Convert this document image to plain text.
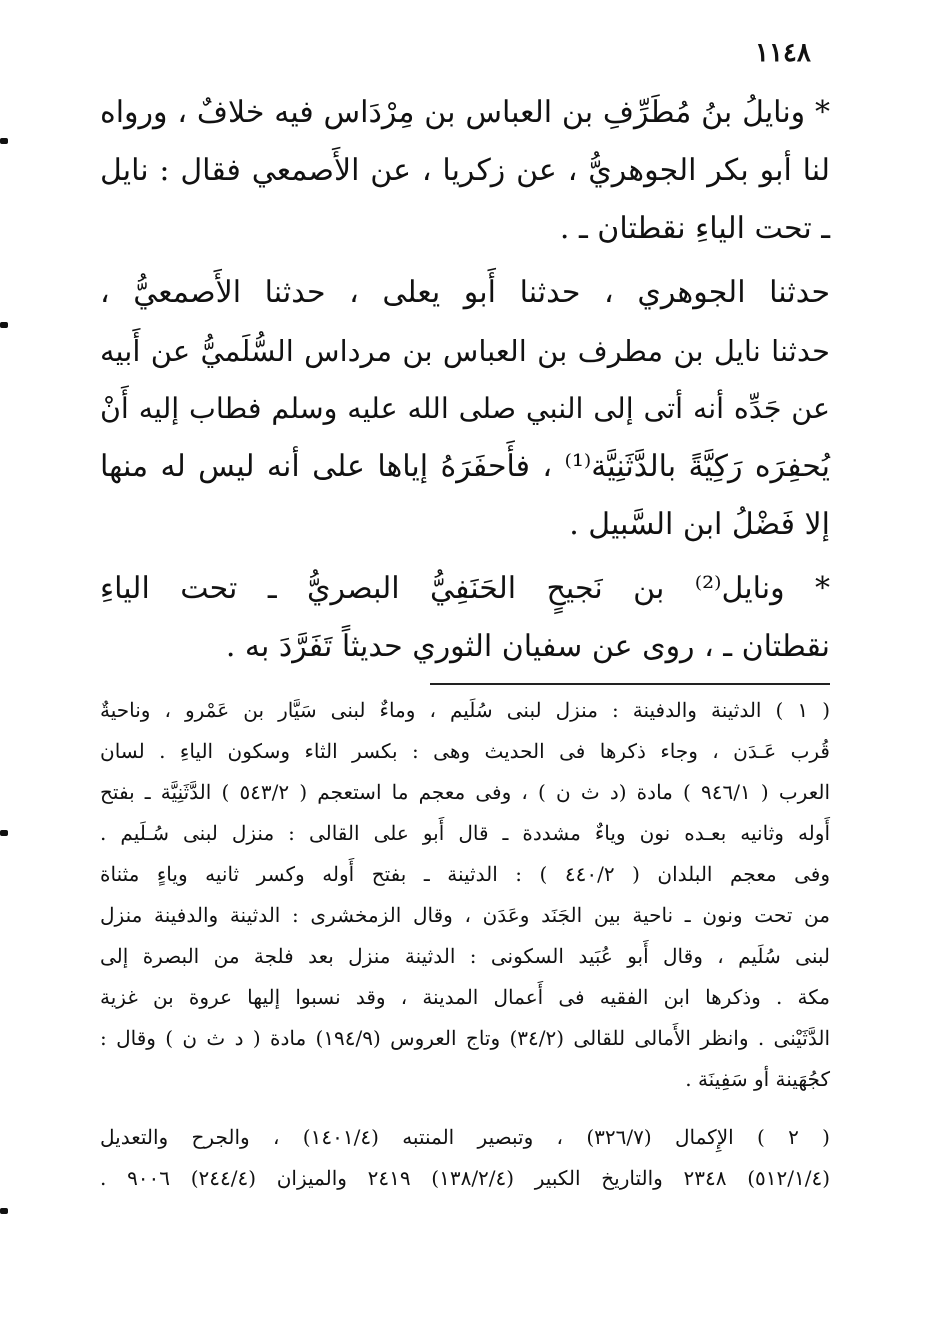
١١٤٨
* ونايلُ بنُ مُطَرِّفِ بن العباس بن مِرْدَاس فيه خلافٌ ، ورواه
لنا أبو بكر الجوهريُّ ، عن زكريا ، عن الأَصمعي فقال : نايل
ـ تحت الياءِ نقطتان ـ .
حدثنا الجوهري ، حدثنا أَبو يعلى ، حدثنا الأَصمعيُّ ،
حدثنا نايل بن مطرف بن العباس بن مرداس السُّلَميُّ عن أَبيه
عن جَدِّه أنه أتى إلى النبي صلى الله عليه وسلم فطاب إليه أَنْ
يُحفِرَه رَكِيَّةً بالدَّثَنِيَّة⁽¹⁾ ، فأَحفَرَهُ إياها على أنه ليس له منها
إلا فَضْلُ ابن السَّبيل .
* ونايل⁽²⁾ بن نَجيحٍ الحَنَفِيُّ البصريُّ ـ تحت الياءِ
نقطتان ـ ، روى عن سفيان الثوري حديثاً تَفَرَّدَ به .
( ١ ) الدثينة والدفينة : منزل لبنى سُلَيم ، وماءٌ لبنى سَيَّار بن عَمْرو ، وناحيةٌ
قُرب عَـدَن ، وجاء ذكرها فى الحديث وهى : بكسر الثاء وسكون الياءِ . لسان
العرب ( ٩٤٦/١ ) مادة (د ث ن ) ، وفى معجم ما استعجم ( ٥٤٣/٢ ) الدَّثَنِيَّة ـ بفتح
أَوله وثانيه بعـده نون وياءٌ مشددة ـ قال أَبو على القالى : منزل لبنى سُـلَيم .
وفى معجم البلدان ( ٤٤٠/٢ ) : الدثينة ـ بفتح أَوله وكسر ثانيه وياءٍ مثناة
من تحت ونون ـ ناحية بين الجَنَد وعَدَن ، وقال الزمخشرى : الدثينة والدفينة منزل
لبنى سُلَيم ، وقال أَبو عُبَيد السكونى : الدثينة منزل بعد فلجة من البصرة إلى
مكة . وذكرها ابن الفقيه فى أَعمال المدينة ، وقد نسبوا إليها عروة بن غزية
الدَّثَيْنى . وانظر الأَمالى للقالى (٣٤/٢) وتاج العروس (١٩٤/٩) مادة ( د ث ن ) وقال :
كجُهَينة أو سَفِينَة .
( ٢ ) الإِكمال (٣٢٦/٧) ، وتبصير المنتبه (١٤٠١/٤) ، والجرح والتعديل
(٥١٢/١/٤) ٢٣٤٨ والتاريخ الكبير (١٣٨/٢/٤) ٢٤١٩ والميزان (٢٤٤/٤) ٩٠٠٦ .
